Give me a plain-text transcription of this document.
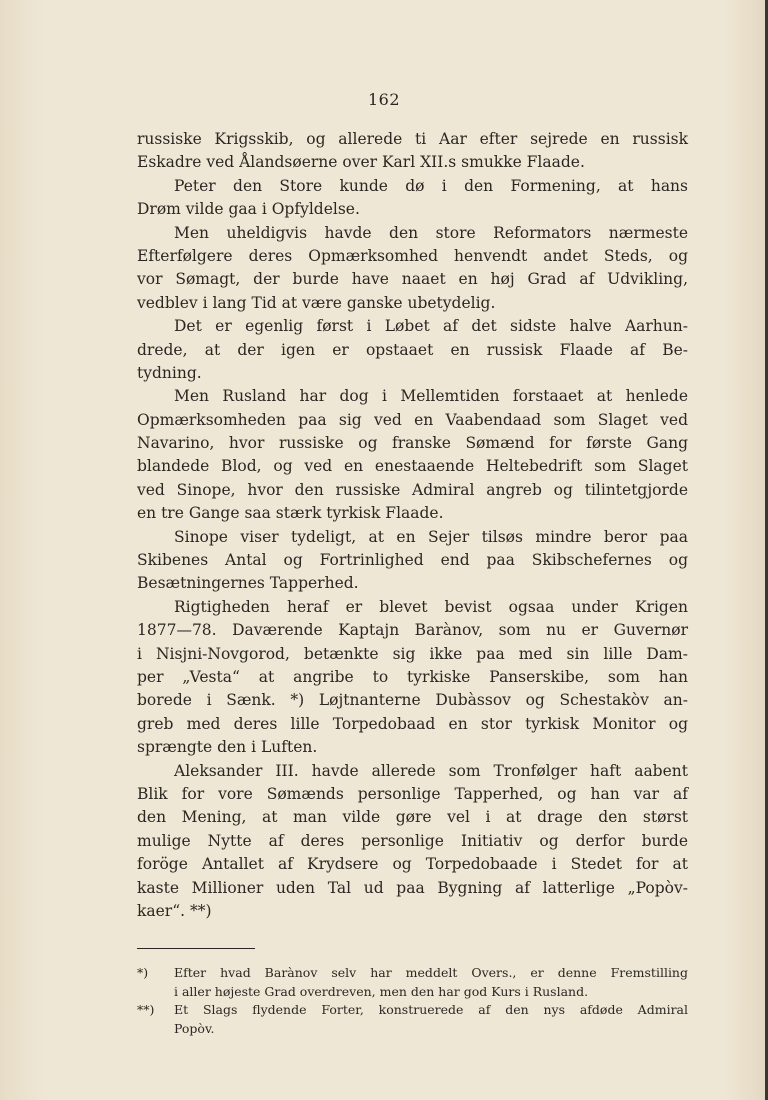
162
russiske Krigsskib, og allerede ti Aar efter sejrede en russisk
Eskadre ved Ålandsøerne over Karl XII.s smukke Flaade.
Peter den Store kunde dø i den Formening, at hans
Drøm vilde gaa i Opfyldelse.
Men uheldigvis havde den store Reformators nærmeste
Efterfølgere deres Opmærksomhed henvendt andet Steds, og
vor Sømagt, der burde have naaet en høj Grad af Udvikling,
vedblev i lang Tid at være ganske ubetydelig.
Det er egenlig først i Løbet af det sidste halve Aarhun-
drede, at der igen er opstaaet en russisk Flaade af Be-
tydning.
Men Rusland har dog i Mellemtiden forstaaet at henlede
Opmærksomheden paa sig ved en Vaabendaad som Slaget ved
Navarino, hvor russiske og franske Sømænd for første Gang
blandede Blod, og ved en enestaaende Heltebedrift som Slaget
ved Sinope, hvor den russiske Admiral angreb og tilintetgjorde
en tre Gange saa stærk tyrkisk Flaade.
Sinope viser tydeligt, at en Sejer tilsøs mindre beror paa
Skibenes Antal og Fortrinlighed end paa Skibschefernes og
Besætningernes Tapperhed.
Rigtigheden heraf er blevet bevist ogsaa under Krigen
1877—78. Daværende Kaptajn Barànov, som nu er Guvernør
i Nisjni-Novgorod, betænkte sig ikke paa med sin lille Dam-
per „Vesta“ at angribe to tyrkiske Panserskibe, som han
borede i Sænk. *) Løjtnanterne Dubàssov og Schestakòv an-
greb med deres lille Torpedobaad en stor tyrkisk Monitor og
sprængte den i Luften.
Aleksander III. havde allerede som Tronfølger haft aabent
Blik for vore Sømænds personlige Tapperhed, og han var af
den Mening, at man vilde gøre vel i at drage den størst
mulige Nytte af deres personlige Initiativ og derfor burde
foröge Antallet af Krydsere og Torpedobaade i Stedet for at
kaste Millioner uden Tal ud paa Bygning af latterlige „Popòv-
kaer“. **)
*)	Efter hvad Barànov selv har meddelt Overs., er denne Fremstilling
i aller højeste Grad overdreven, men den har god Kurs i Rusland.
**)	Et Slags flydende Forter, konstruerede af den nys afdøde Admiral
Popòv.
